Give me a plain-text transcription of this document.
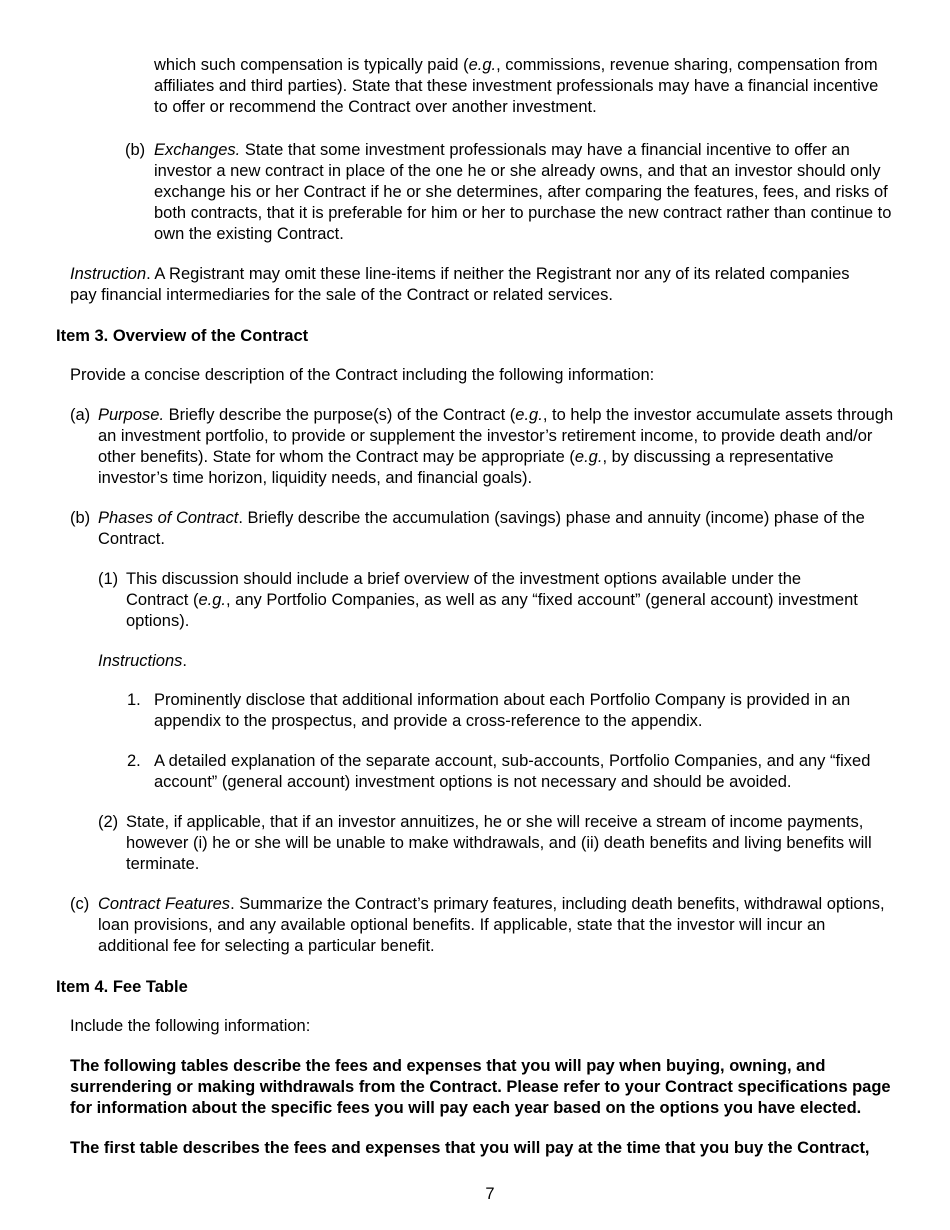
which such compensation is typically paid (e.g., commissions, revenue sharing, compensation from affiliates and third parties). State that these investment professionals may have a financial incentive to offer or recommend the Contract over another investment.

(b) Exchanges. State that some investment professionals may have a financial incentive to offer an investor a new contract in place of the one he or she already owns, and that an investor should only exchange his or her Contract if he or she determines, after comparing the features, fees, and risks of both contracts, that it is preferable for him or her to purchase the new contract rather than continue to own the existing Contract.

Instruction. A Registrant may omit these line-items if neither the Registrant nor any of its related companies pay financial intermediaries for the sale of the Contract or related services.

Item 3. Overview of the Contract

Provide a concise description of the Contract including the following information:

(a) Purpose. Briefly describe the purpose(s) of the Contract (e.g., to help the investor accumulate assets through an investment portfolio, to provide or supplement the investor’s retirement income, to provide death and/or other benefits). State for whom the Contract may be appropriate (e.g., by discussing a representative investor’s time horizon, liquidity needs, and financial goals).

(b) Phases of Contract. Briefly describe the accumulation (savings) phase and annuity (income) phase of the Contract.

(1) This discussion should include a brief overview of the investment options available under the Contract (e.g., any Portfolio Companies, as well as any “fixed account” (general account) investment options).

Instructions.

1. Prominently disclose that additional information about each Portfolio Company is provided in an appendix to the prospectus, and provide a cross-reference to the appendix.

2. A detailed explanation of the separate account, sub-accounts, Portfolio Companies, and any “fixed account” (general account) investment options is not necessary and should be avoided.

(2) State, if applicable, that if an investor annuitizes, he or she will receive a stream of income payments, however (i) he or she will be unable to make withdrawals, and (ii) death benefits and living benefits will terminate.

(c) Contract Features. Summarize the Contract’s primary features, including death benefits, withdrawal options, loan provisions, and any available optional benefits. If applicable, state that the investor will incur an additional fee for selecting a particular benefit.

Item 4. Fee Table

Include the following information:

The following tables describe the fees and expenses that you will pay when buying, owning, and surrendering or making withdrawals from the Contract. Please refer to your Contract specifications page for information about the specific fees you will pay each year based on the options you have elected.

The first table describes the fees and expenses that you will pay at the time that you buy the Contract,

7
